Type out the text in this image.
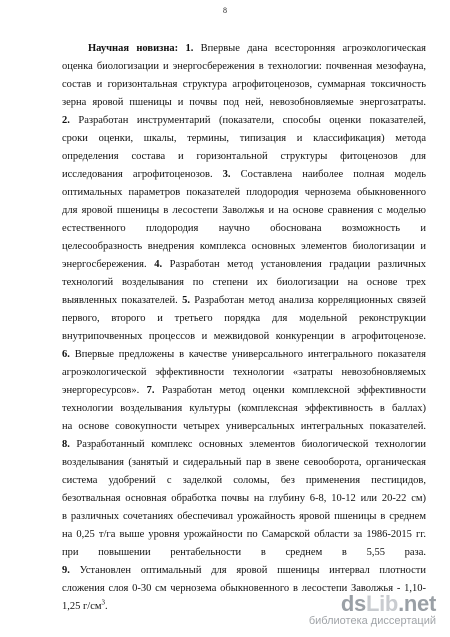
8
Научная новизна: 1. Впервые дана всесторонняя агроэкологическая
оценка биологизации и энергосбережения в технологии: почвенная мезофауна,
состав и горизонтальная структура агрофитоценозов, суммарная токсичность
зерна яровой пшеницы и почвы под ней, невозобновляемые энергозатраты.
2. Разработан инструментарий (показатели, способы оценки показателей,
сроки оценки, шкалы, термины, типизация и классификация) метода
определения состава и горизонтальной структуры фитоценозов для
исследования агрофитоценозов. 3. Составлена наиболее полная модель
оптимальных параметров показателей плодородия чернозема обыкновенного
для яровой пшеницы в лесостепи Заволжья и на основе сравнения с моделью
естественного плодородия научно обоснована возможность и
целесообразность внедрения комплекса основных элементов биологизации и
энергосбережения. 4. Разработан метод установления градации различных
технологий возделывания по степени их биологизации на основе трех
выявленных показателей. 5. Разработан метод анализа корреляционных связей
первого, второго и третьего порядка для модельной реконструкции
внутрипочвенных процессов и межвидовой конкуренции в агрофитоценозе.
6. Впервые предложены в качестве универсального интегрального показателя
агроэкологической эффективности технологии «затраты невозобновляемых
энергоресурсов». 7. Разработан метод оценки комплексной эффективности
технологии возделывания культуры (комплексная эффективность в баллах)
на основе совокупности четырех универсальных интегральных показателей.
8. Разработанный комплекс основных элементов биологической технологии
возделывания (занятый и сидеральный пар в звене севооборота, органическая
система удобрений с заделкой соломы, без применения пестицидов,
безотвальная основная обработка почвы на глубину 6-8, 10-12 или 20-22 см)
в различных сочетаниях обеспечивал урожайность яровой пшеницы в среднем
на 0,25 т/га выше уровня урожайности по Самарской области за 1986-2015 гг.
при повышении рентабельности в среднем в 5,55 раза.
9. Установлен оптимальный для яровой пшеницы интервал плотности
сложения слоя 0-30 см чернозема обыкновенного в лесостепи Заволжья - 1,10-
1,25 $г/см^3$.	dsLib.net
библиотека диссертаций
